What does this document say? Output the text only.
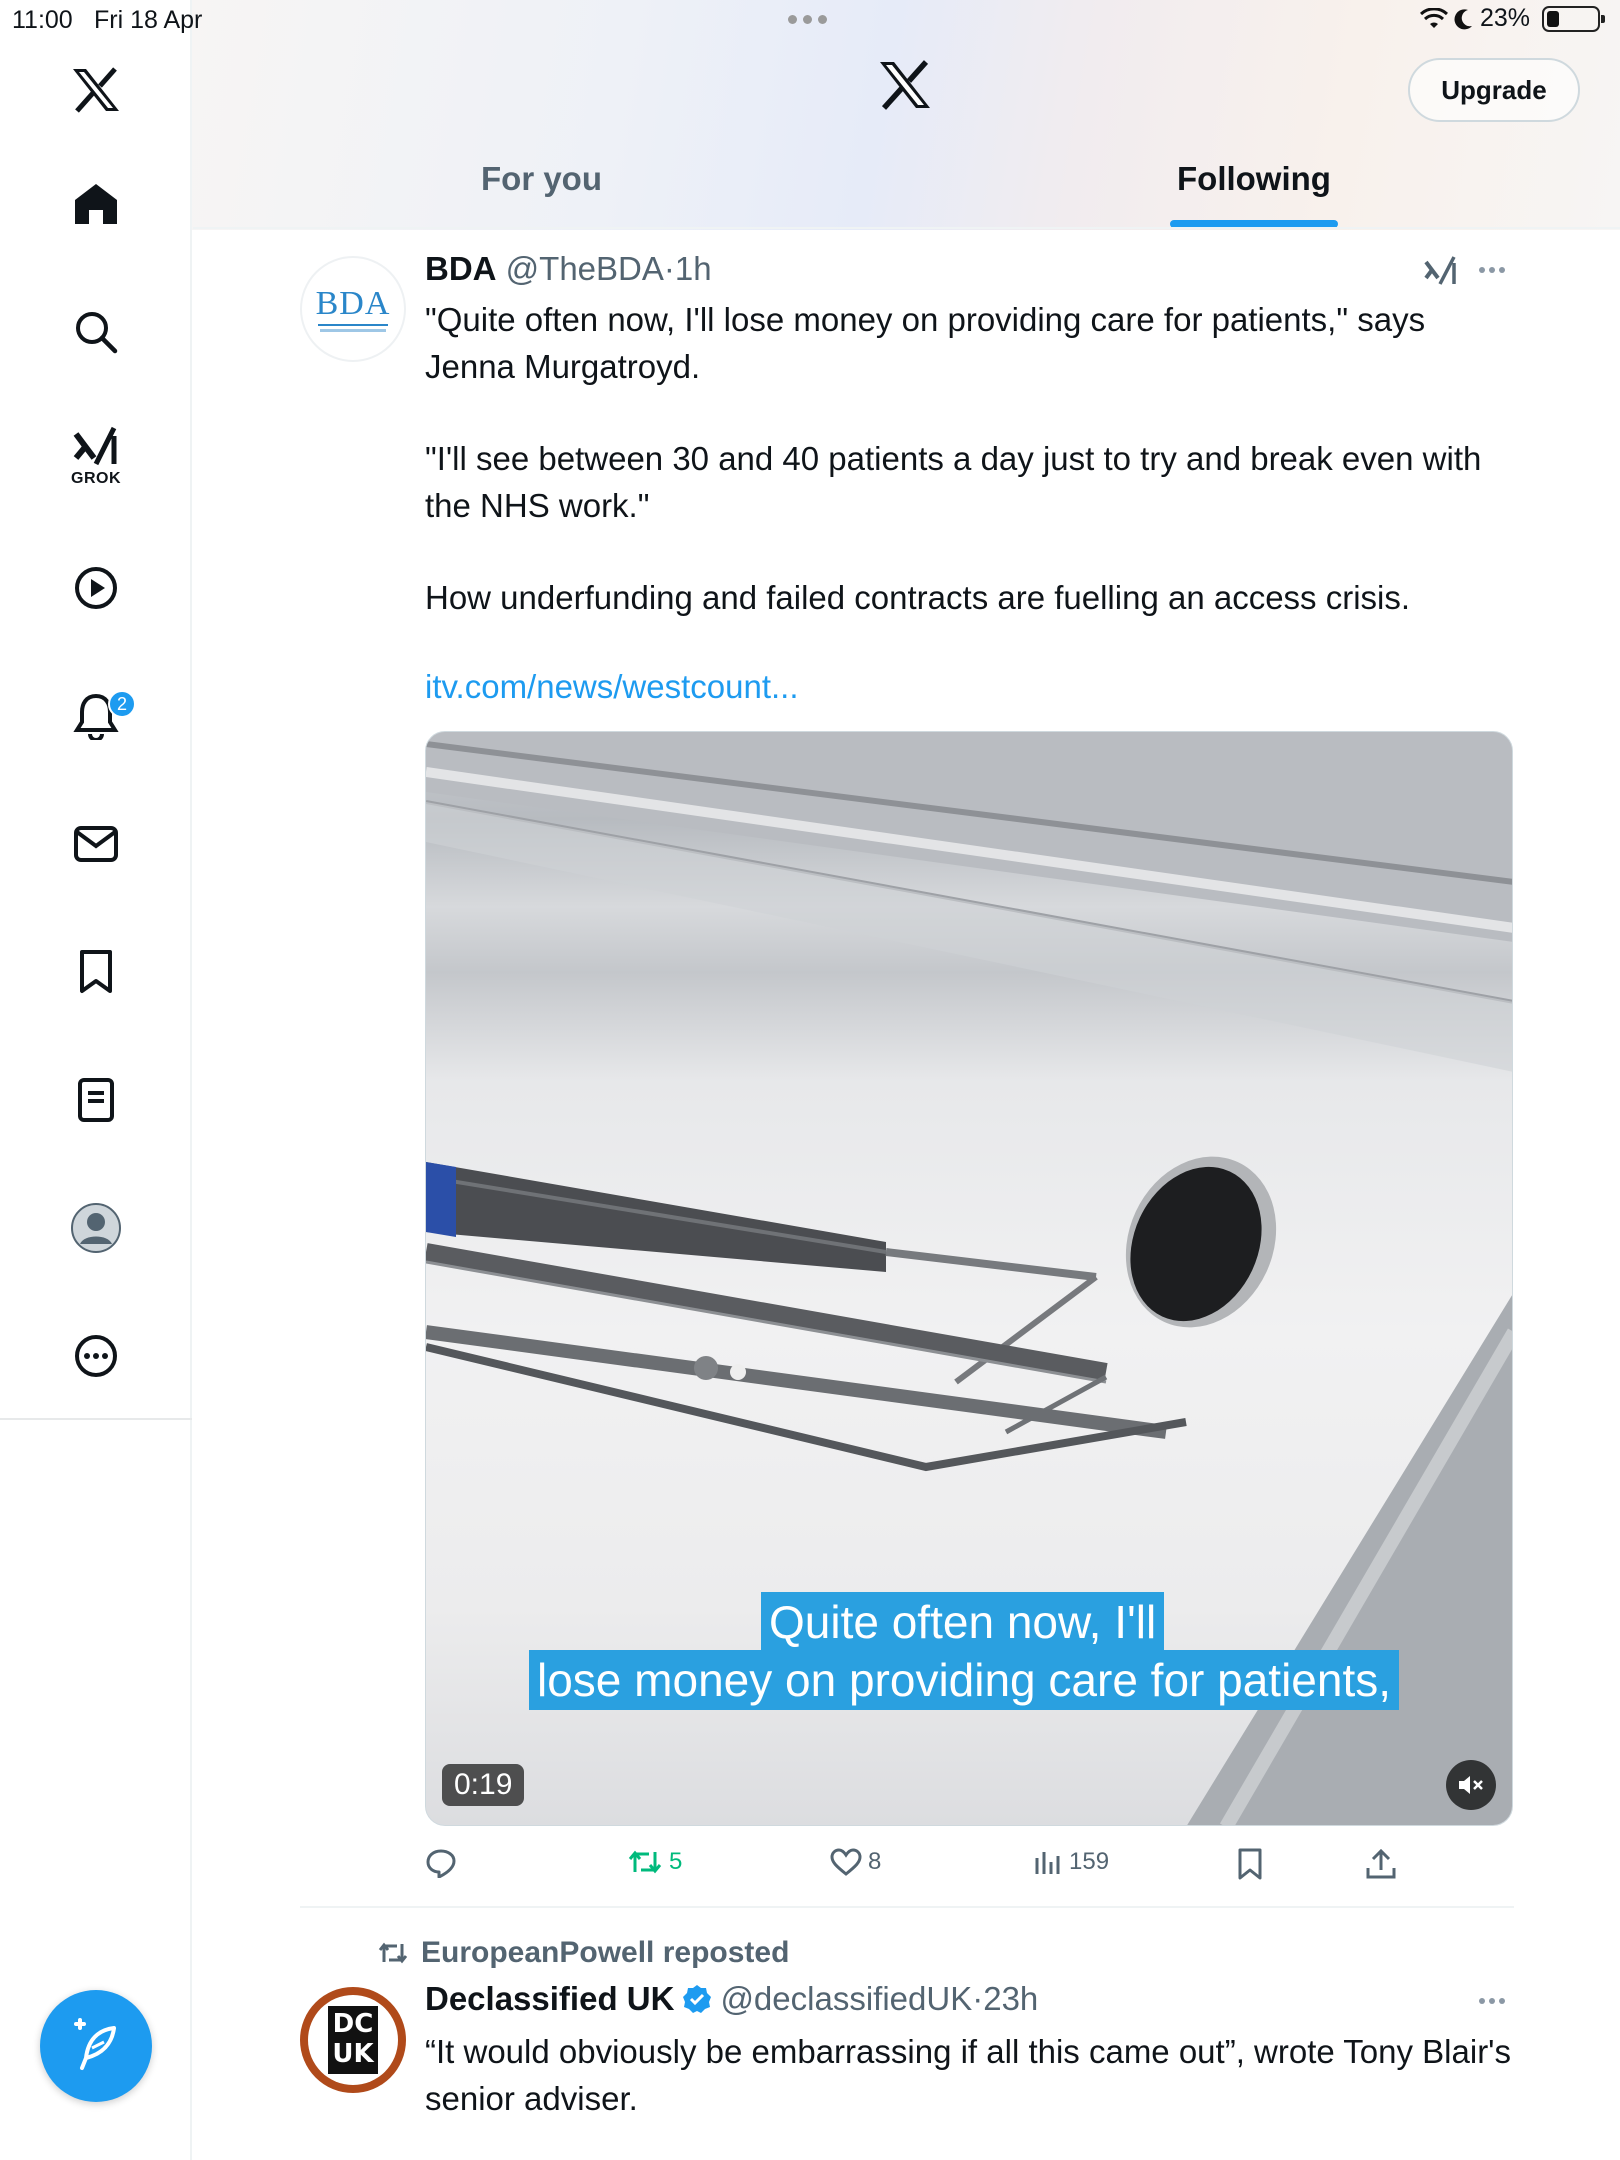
11:00 Fri 18 Apr	23%
GROK
2
Upgrade
For you	Following
BDA
BDA @TheBDA·1h
"Quite often now, I'll lose money on providing care for patients," says Jenna Murgatroyd.
"I'll see between 30 and 40 patients a day just to try and break even with the NHS work."
How underfunding and failed contracts are fuelling an access crisis.
itv.com/news/westcount...
Quite often now, I'll
lose money on providing care for patients,
0:19
5	8	159
EuropeanPowell reposted
DC
UK
Declassified UK @declassifiedUK·23h
“It would obviously be embarrassing if all this came out”, wrote Tony Blair's senior adviser.
